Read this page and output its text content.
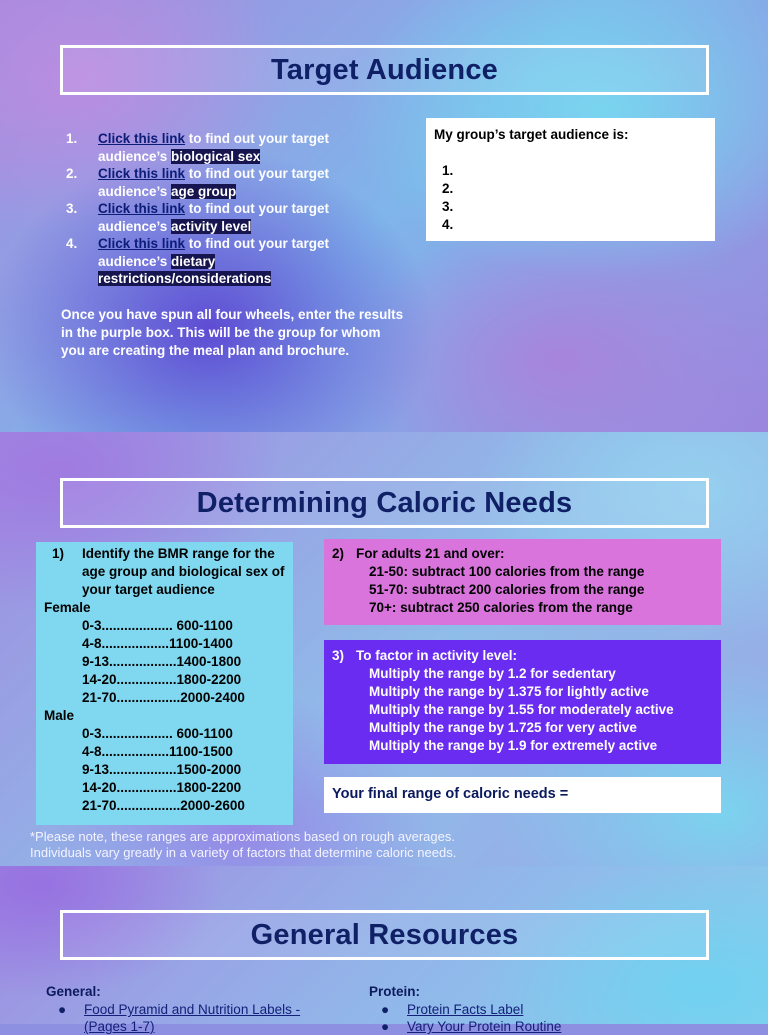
Target Audience
1.	Click this link to find out your target audience’s biological sex
2.	Click this link to find out your target audience’s age group
3.	Click this link to find out your target audience’s activity level
4.	Click this link to find out your target audience’s dietary restrictions/considerations

Once you have spun all four wheels, enter the results in the purple box. This will be the group for whom you are creating the meal plan and brochure.

My group’s target audience is:
1.
2.
3.
4.
Determining Caloric Needs
1)	Identify the BMR range for the age group and biological sex of your target audience
Female
0-3................... 600-1100
4-8..................1100-1400
9-13..................1400-1800
14-20................1800-2200
21-70.................2000-2400
Male
0-3................... 600-1100
4-8..................1100-1500
9-13..................1500-2000
14-20................1800-2200
21-70.................2000-2600
2) For adults 21 and over:
21-50: subtract 100 calories from the range
51-70: subtract 200 calories from the range
70+: subtract 250 calories from the range
3) To factor in activity level:
Multiply the range by 1.2 for sedentary
Multiply the range by 1.375 for lightly active
Multiply the range by 1.55 for moderately active
Multiply the range by 1.725 for very active
Multiply the range by 1.9 for extremely active
Your final range of caloric needs =
*Please note, these ranges are approximations based on rough averages.
Individuals vary greatly in a variety of factors that determine caloric needs.
General Resources
General:
●	Food Pyramid and Nutrition Labels - (Pages 1-7)
Protein:
●	Protein Facts Label
●	Vary Your Protein Routine
